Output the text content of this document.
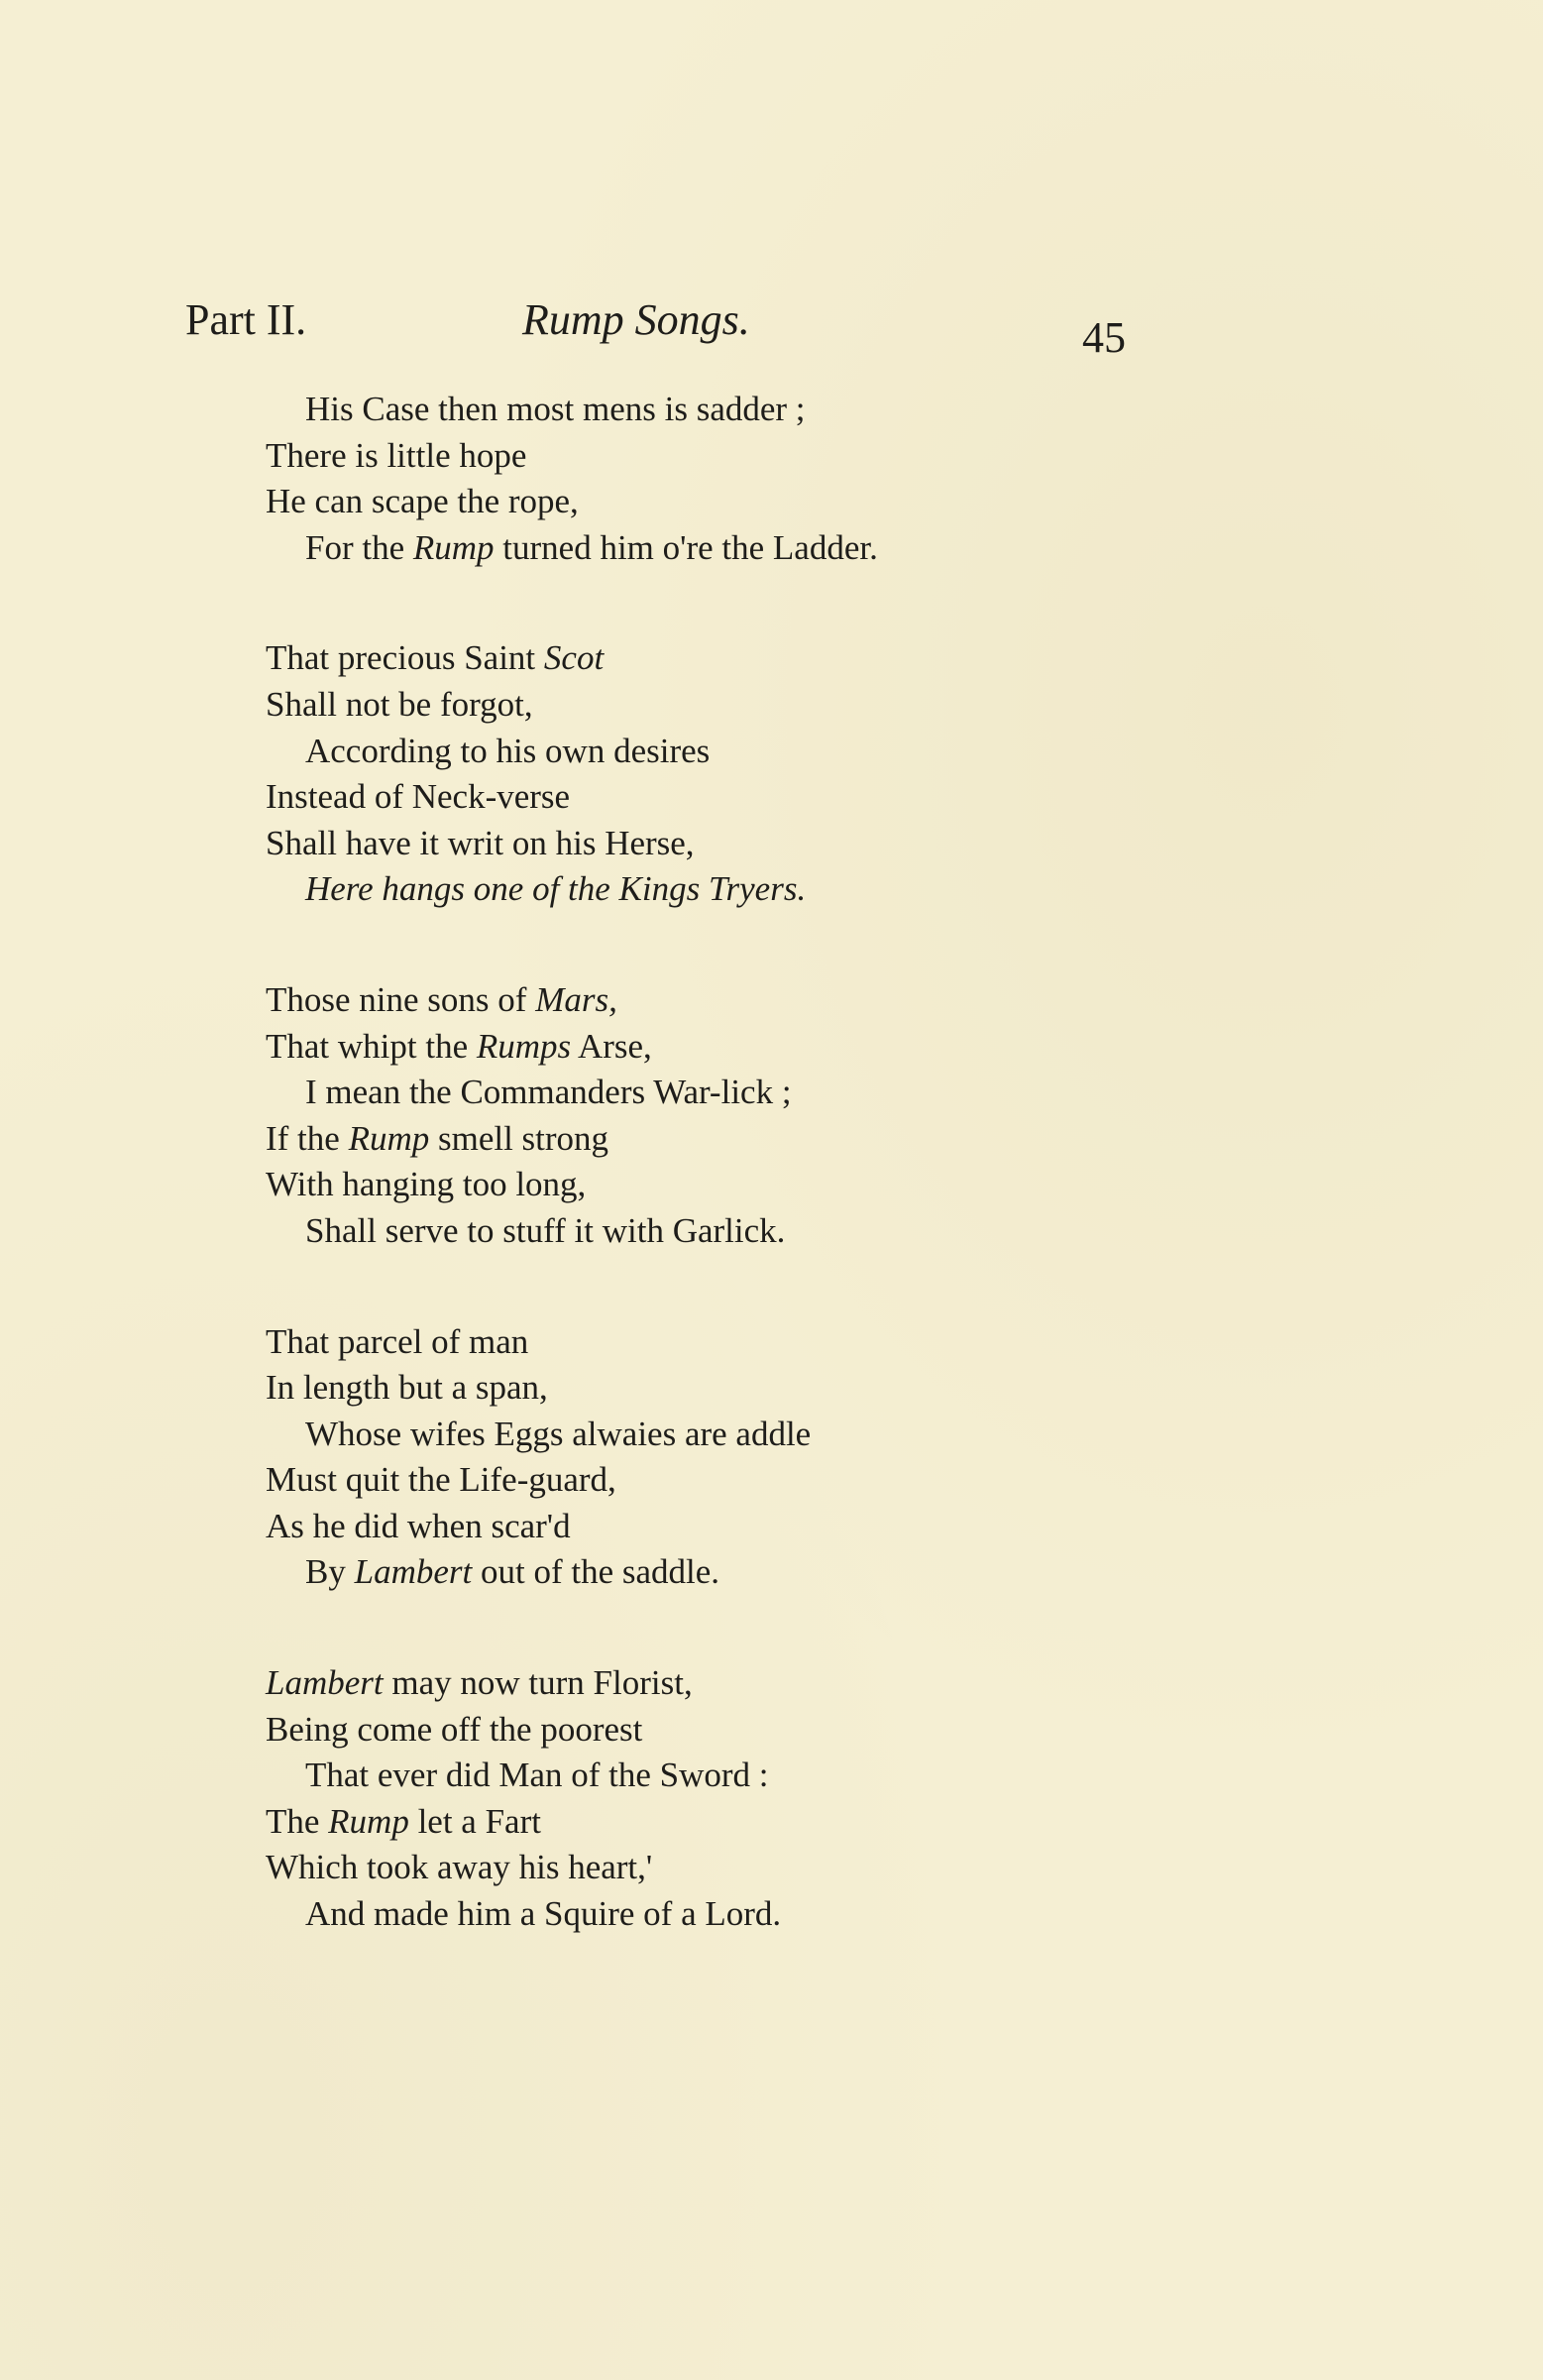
Part II.	Rump Songs.	45
His Case then most mens is sadder ;
There is little hope
He can scape the rope,
For the Rump turned him o're the Ladder.
That precious Saint Scot
Shall not be forgot,
According to his own desires
Instead of Neck-verse
Shall have it writ on his Herse,
Here hangs one of the Kings Tryers.
Those nine sons of Mars,
That whipt the Rumps Arse,
I mean the Commanders War-lick ;
If the Rump smell strong
With hanging too long,
Shall serve to stuff it with Garlick.
That parcel of man
In length but a span,
Whose wifes Eggs alwaies are addle
Must quit the Life-guard,
As he did when scar'd
By Lambert out of the saddle.
Lambert may now turn Florist,
Being come off the poorest
That ever did Man of the Sword :
The Rump let a Fart
Which took away his heart,'
And made him a Squire of a Lord.
